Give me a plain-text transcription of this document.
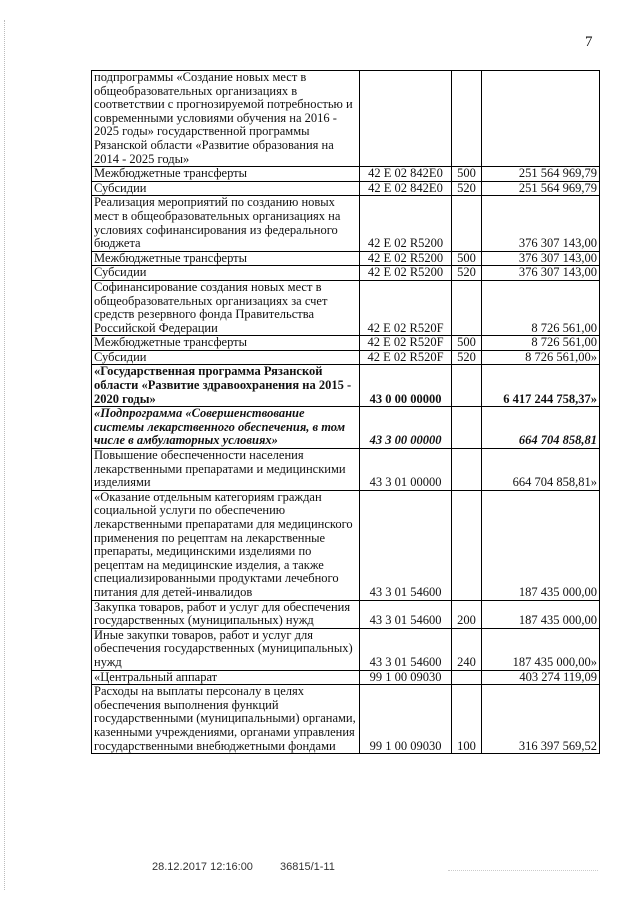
7
подпрограммы «Создание новых мест в общеобразовательных организациях в соответствии с прогнозируемой потребностью и современными условиями обучения на 2016 - 2025 годы» государственной программы Рязанской области «Развитие образования на 2014 - 2025 годы»			
Межбюджетные трансферты	42 Е 02 842Е0	500	251 564 969,79
Субсидии	42 Е 02 842Е0	520	251 564 969,79
Реализация мероприятий по созданию новых мест в общеобразовательных организациях на условиях софинансирования из федерального бюджета	42 Е 02 R5200		376 307 143,00
Межбюджетные трансферты	42 Е 02 R5200	500	376 307 143,00
Субсидии	42 Е 02 R5200	520	376 307 143,00
Софинансирование создания новых мест в общеобразовательных организациях за счет средств резервного фонда Правительства Российской Федерации	42 Е 02 R520F		8 726 561,00
Межбюджетные трансферты	42 Е 02 R520F	500	8 726 561,00
Субсидии	42 Е 02 R520F	520	8 726 561,00»
«Государственная программа Рязанской области «Развитие здравоохранения на 2015 - 2020 годы»	43 0 00 00000		6 417 244 758,37»
«Подпрограмма «Совершенствование системы лекарственного обеспечения, в том числе в амбулаторных условиях»	43 3 00 00000		664 704 858,81
Повышение обеспеченности населения лекарственными препаратами и медицинскими изделиями	43 3 01 00000		664 704 858,81»
«Оказание отдельным категориям граждан социальной услуги по обеспечению лекарственными препаратами для медицинского применения по рецептам на лекарственные препараты, медицинскими изделиями по рецептам на медицинские изделия, а также специализированными продуктами лечебного питания для детей-инвалидов	43 3 01 54600		187 435 000,00
Закупка товаров, работ и услуг для обеспечения государственных (муниципальных) нужд	43 3 01 54600	200	187 435 000,00
Иные закупки товаров, работ и услуг для обеспечения государственных (муниципальных) нужд	43 3 01 54600	240	187 435 000,00»
«Центральный аппарат	99 1 00 09030		403 274 119,09
Расходы на выплаты персоналу в целях обеспечения выполнения функций государственными (муниципальными) органами, казенными учреждениями, органами управления государственными внебюджетными фондами	99 1 00 09030	100	316 397 569,52
28.12.2017 12:16:00 36815/1-11
